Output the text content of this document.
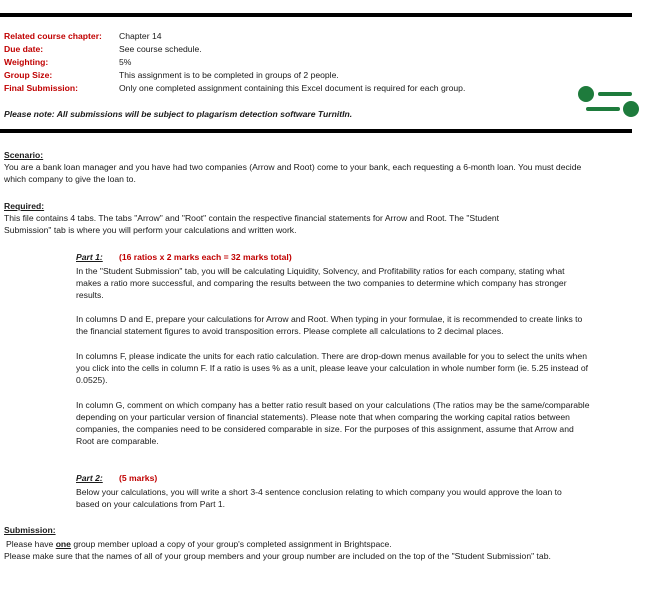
Related course chapter: Chapter 14
Due date:	See course schedule.
Weighting:	5%
Group Size:	This assignment is to be completed in groups of 2 people.
Final Submission:	Only one completed assignment containing this Excel document is required for each group.
Please note: All submissions will be subject to plagarism detection software TurnitIn.
Scenario:
You are a bank loan manager and you have had two companies (Arrow and Root) come to your bank, each requesting a 6-month loan. You must decide
which company to give the loan to.
Required:
This file contains 4 tabs. The tabs "Arrow" and "Root" contain the respective financial statements for Arrow and Root. The "Student
Submission" tab is where you will perform your calculations and written work.
Part 1: (16 ratios x 2 marks each = 32 marks total)
In the "Student Submission" tab, you will be calculating Liquidity, Solvency, and Profitability ratios for each company, stating what
makes a ratio more successful, and comparing the results between the two companies to determine which company has stronger
results.
In columns D and E, prepare your calculations for Arrow and Root. When typing in your formulae, it is recommended to create links to
the financial statement figures to avoid transposition errors. Please complete all calculations to 2 decimal places.
In columns F, please indicate the units for each ratio calculation. There are drop-down menus available for you to select the units when
you click into the cells in column F. If a ratio is uses % as a unit, please leave your calculation in whole number form (ie. 5.25 instead of
0.0525).
In column G, comment on which company has a better ratio result based on your calculations (The ratios may be the same/comparable
depending on your particular version of financial statements). Please note that when comparing the working capital ratios between
companies, the companies need to be considered comparable in size. For the purposes of this assignment, assume that Arrow and
Root are comparable.
Part 2: (5 marks)
Below your calculations, you will write a short 3-4 sentence conclusion relating to which company you would approve the loan to
based on your calculations from Part 1.
Submission:
Please have one group member upload a copy of your group's completed assignment in Brightspace.
Please make sure that the names of all of your group members and your group number are included on the top of the "Student Submission" tab.
